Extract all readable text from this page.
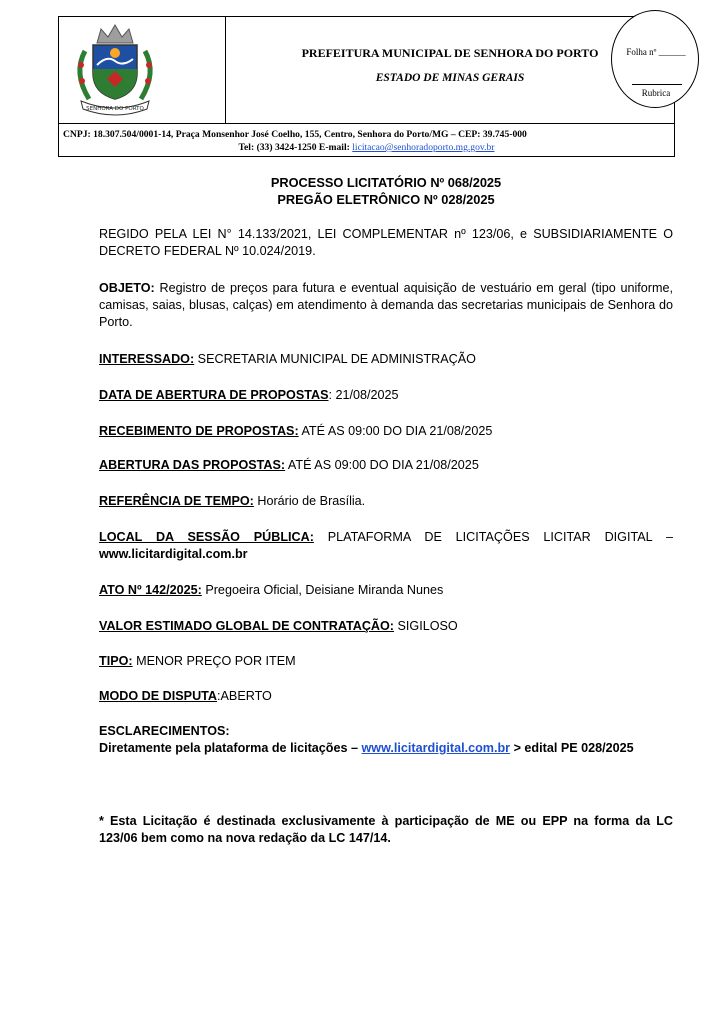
SENHORA DO PORTO
PREFEITURA MUNICIPAL DE SENHORA DO PORTO
ESTADO DE MINAS GERAIS
Folha nº ______
Rubrica
CNPJ: 18.307.504/0001-14, Praça Monsenhor José Coelho, 155, Centro, Senhora do Porto/MG – CEP: 39.745-000
Tel: (33) 3424-1250 E-mail: licitacao@senhoradoporto.mg.gov.br
PROCESSO LICITATÓRIO Nº 068/2025
PREGÃO ELETRÔNICO Nº 028/2025
REGIDO PELA LEI N° 14.133/2021, LEI COMPLEMENTAR nº 123/06, e SUBSIDIARIAMENTE O DECRETO FEDERAL Nº 10.024/2019.
OBJETO: Registro de preços para futura e eventual aquisição de vestuário em geral (tipo uniforme, camisas, saias, blusas, calças) em atendimento à demanda das secretarias municipais de Senhora do Porto.
INTERESSADO: SECRETARIA MUNICIPAL DE ADMINISTRAÇÃO
DATA DE ABERTURA DE PROPOSTAS: 21/08/2025
RECEBIMENTO DE PROPOSTAS: ATÉ AS 09:00 DO DIA 21/08/2025
ABERTURA DAS PROPOSTAS: ATÉ AS 09:00 DO DIA 21/08/2025
REFERÊNCIA DE TEMPO: Horário de Brasília.
LOCAL DA SESSÃO PÚBLICA: PLATAFORMA DE LICITAÇÕES LICITAR DIGITAL –
www.licitardigital.com.br
ATO Nº 142/2025: Pregoeira Oficial, Deisiane Miranda Nunes
VALOR ESTIMADO GLOBAL DE CONTRATAÇÃO: SIGILOSO
TIPO: MENOR PREÇO POR ITEM
MODO DE DISPUTA:ABERTO
ESCLARECIMENTOS:
Diretamente pela plataforma de licitações – www.licitardigital.com.br > edital PE 028/2025
* Esta Licitação é destinada exclusivamente à participação de ME ou EPP na forma da LC 123/06 bem como na nova redação da LC 147/14.
